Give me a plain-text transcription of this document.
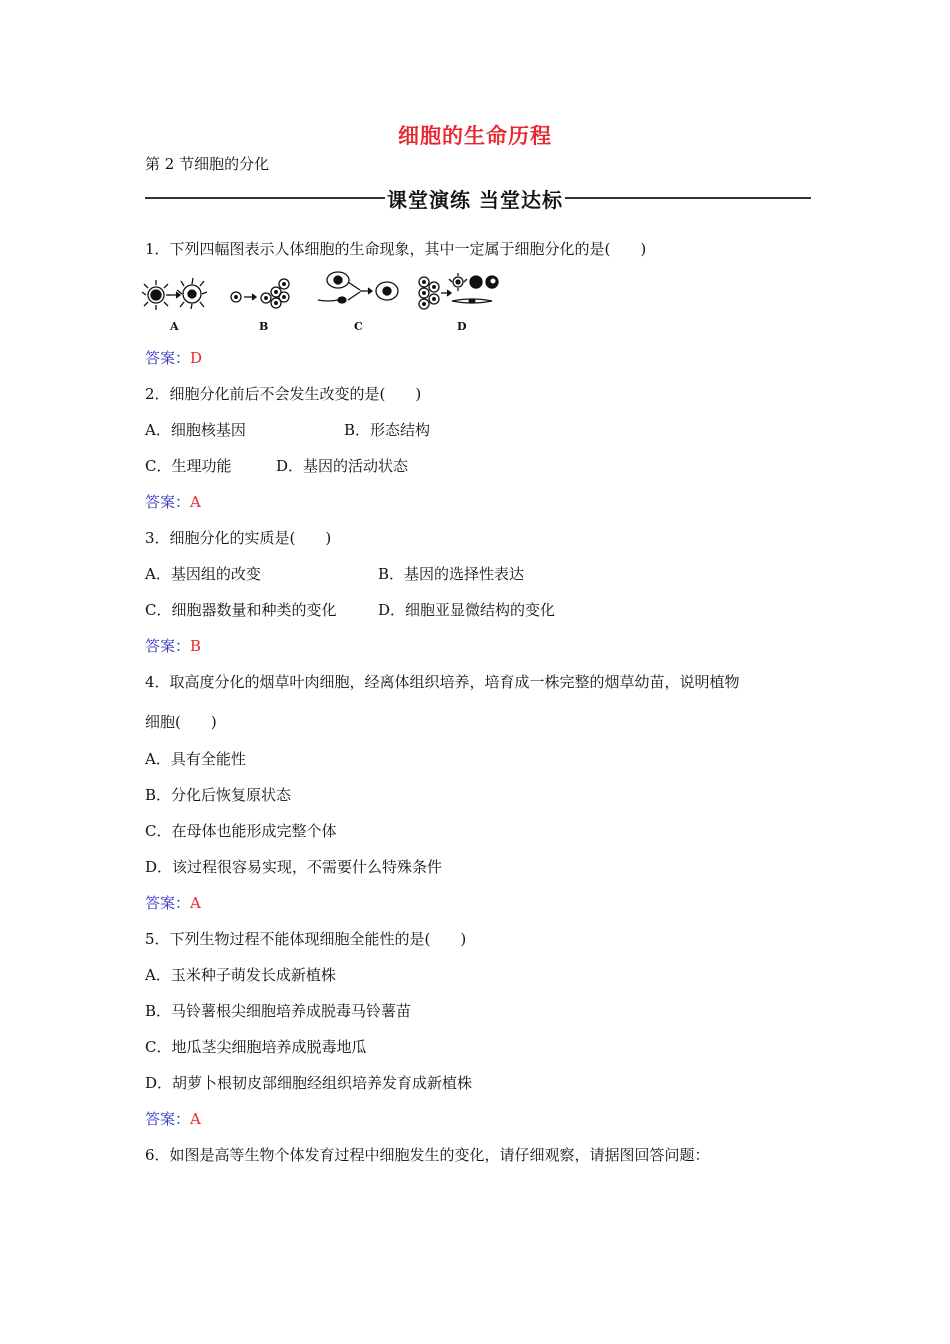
细胞的生命历程
第 2 节细胞的分化
课堂演练 当堂达标
1．下列四幅图表示人体细胞的生命现象，其中一定属于细胞分化的是(　　)
A	B	C	D
答案：D
2．细胞分化前后不会发生改变的是(　　)
A．细胞核基因	B．形态结构
C．生理功能	D．基因的活动状态
答案：A
3．细胞分化的实质是(　　)
A．基因组的改变	B．基因的选择性表达
C．细胞器数量和种类的变化	D．细胞亚显微结构的变化
答案：B
4．取高度分化的烟草叶肉细胞，经离体组织培养，培育成一株完整的烟草幼苗，说明植物
细胞(　　)
A．具有全能性
B．分化后恢复原状态
C．在母体也能形成完整个体
D．该过程很容易实现，不需要什么特殊条件
答案：A
5．下列生物过程不能体现细胞全能性的是(　　)
A．玉米种子萌发长成新植株
B．马铃薯根尖细胞培养成脱毒马铃薯苗
C．地瓜茎尖细胞培养成脱毒地瓜
D．胡萝卜根韧皮部细胞经组织培养发育成新植株
答案：A
6．如图是高等生物个体发育过程中细胞发生的变化，请仔细观察，请据图回答问题：
